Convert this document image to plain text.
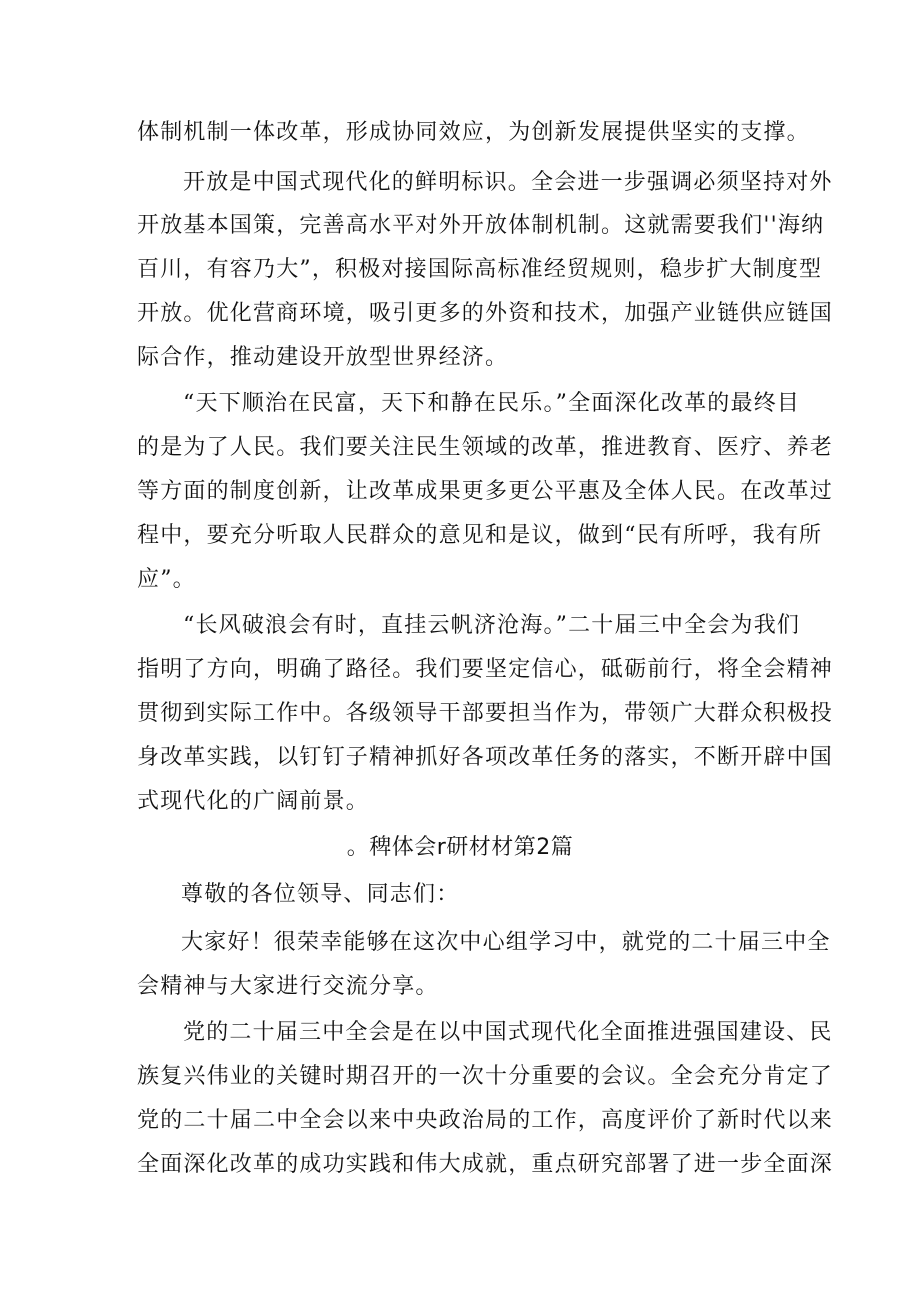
体制机制一体改革，形成协同效应，为创新发展提供坚实的支撑。
开放是中国式现代化的鲜明标识。全会进一步强调必须坚持对外
开放基本国策，完善高水平对外开放体制机制。这就需要我们''海纳
百川，有容乃大”，积极对接国际高标准经贸规则，稳步扩大制度型
开放。优化营商环境，吸引更多的外资和技术，加强产业链供应链国
际合作，推动建设开放型世界经济。
“天下顺治在民富，天下和静在民乐。”全面深化改革的最终目
的是为了人民。我们要关注民生领域的改革，推进教育、医疗、养老
等方面的制度创新，让改革成果更多更公平惠及全体人民。在改革过
程中，要充分听取人民群众的意见和是议，做到“民有所呼，我有所
应”。
“长风破浪会有时，直挂云帆济沧海。”二十届三中全会为我们
指明了方向，明确了路径。我们要坚定信心，砥砺前行，将全会精神
贯彻到实际工作中。各级领导干部要担当作为，带领广大群众积极投
身改革实践，以钉钉子精神抓好各项改革任务的落实，不断开辟中国
式现代化的广阔前景。
。稗体会r研材材第2篇
尊敬的各位领导、同志们：
大家好！很荣幸能够在这次中心组学习中，就党的二十届三中全
会精神与大家进行交流分享。
党的二十届三中全会是在以中国式现代化全面推进强国建设、民
族复兴伟业的关键时期召开的一次十分重要的会议。全会充分肯定了
党的二十届二中全会以来中央政治局的工作，高度评价了新时代以来
全面深化改革的成功实践和伟大成就，重点研究部署了进一步全面深
